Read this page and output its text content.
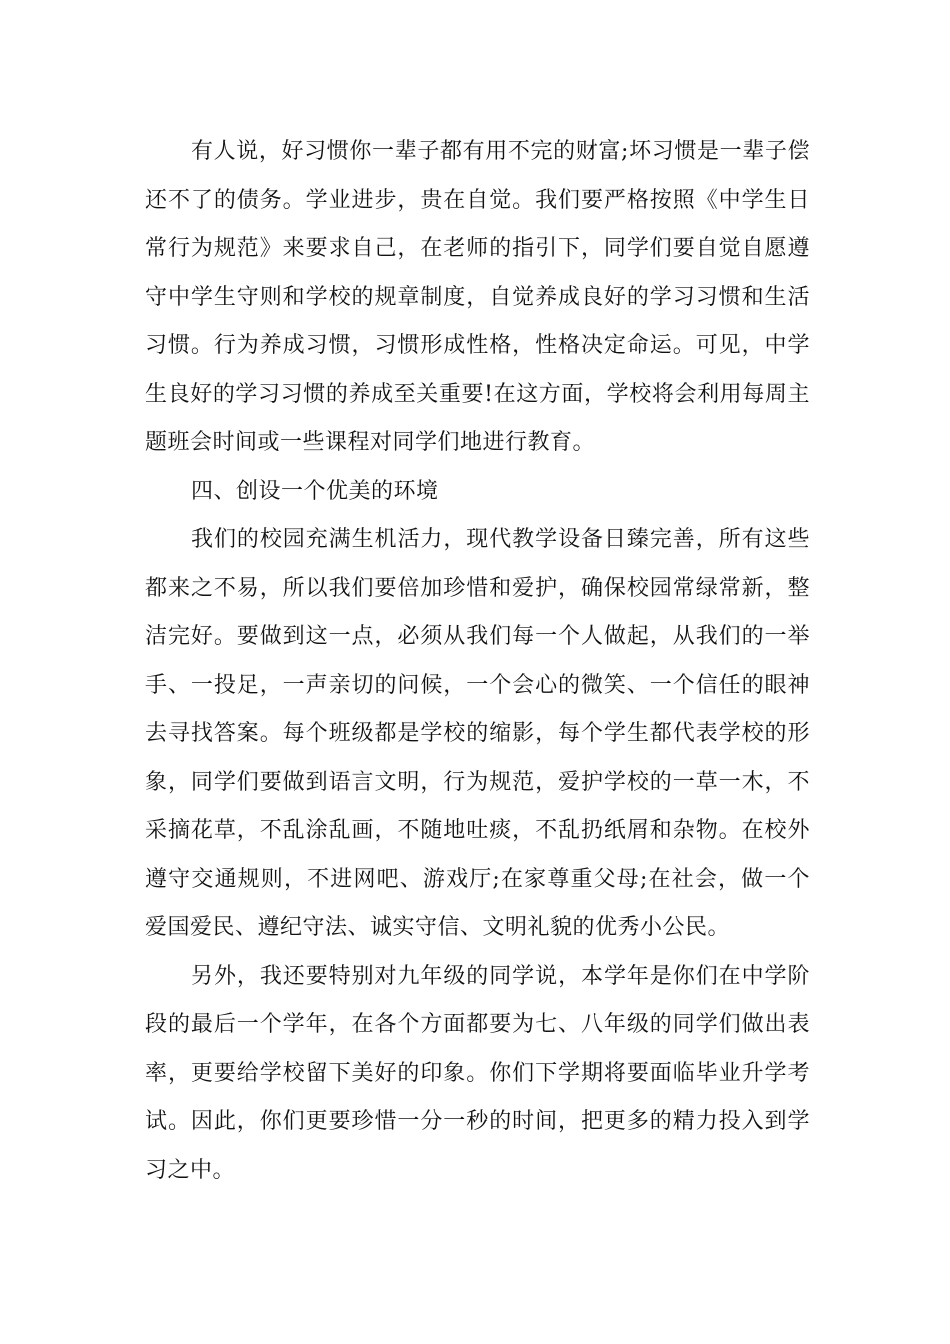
有人说，好习惯你一辈子都有用不完的财富;坏习惯是一辈子偿还不了的债务。学业进步，贵在自觉。我们要严格按照《中学生日常行为规范》来要求自己，在老师的指引下，同学们要自觉自愿遵守中学生守则和学校的规章制度，自觉养成良好的学习习惯和生活习惯。行为养成习惯，习惯形成性格，性格决定命运。可见，中学生良好的学习习惯的养成至关重要!在这方面，学校将会利用每周主题班会时间或一些课程对同学们地进行教育。

四、创设一个优美的环境

我们的校园充满生机活力，现代教学设备日臻完善，所有这些都来之不易，所以我们要倍加珍惜和爱护，确保校园常绿常新，整洁完好。要做到这一点，必须从我们每一个人做起，从我们的一举手、一投足，一声亲切的问候，一个会心的微笑、一个信任的眼神去寻找答案。每个班级都是学校的缩影，每个学生都代表学校的形象，同学们要做到语言文明，行为规范，爱护学校的一草一木，不采摘花草，不乱涂乱画，不随地吐痰，不乱扔纸屑和杂物。在校外遵守交通规则，不进网吧、游戏厅;在家尊重父母;在社会，做一个爱国爱民、遵纪守法、诚实守信、文明礼貌的优秀小公民。

另外，我还要特别对九年级的同学说，本学年是你们在中学阶段的最后一个学年，在各个方面都要为七、八年级的同学们做出表率，更要给学校留下美好的印象。你们下学期将要面临毕业升学考试。因此，你们更要珍惜一分一秒的时间，把更多的精力投入到学习之中。
